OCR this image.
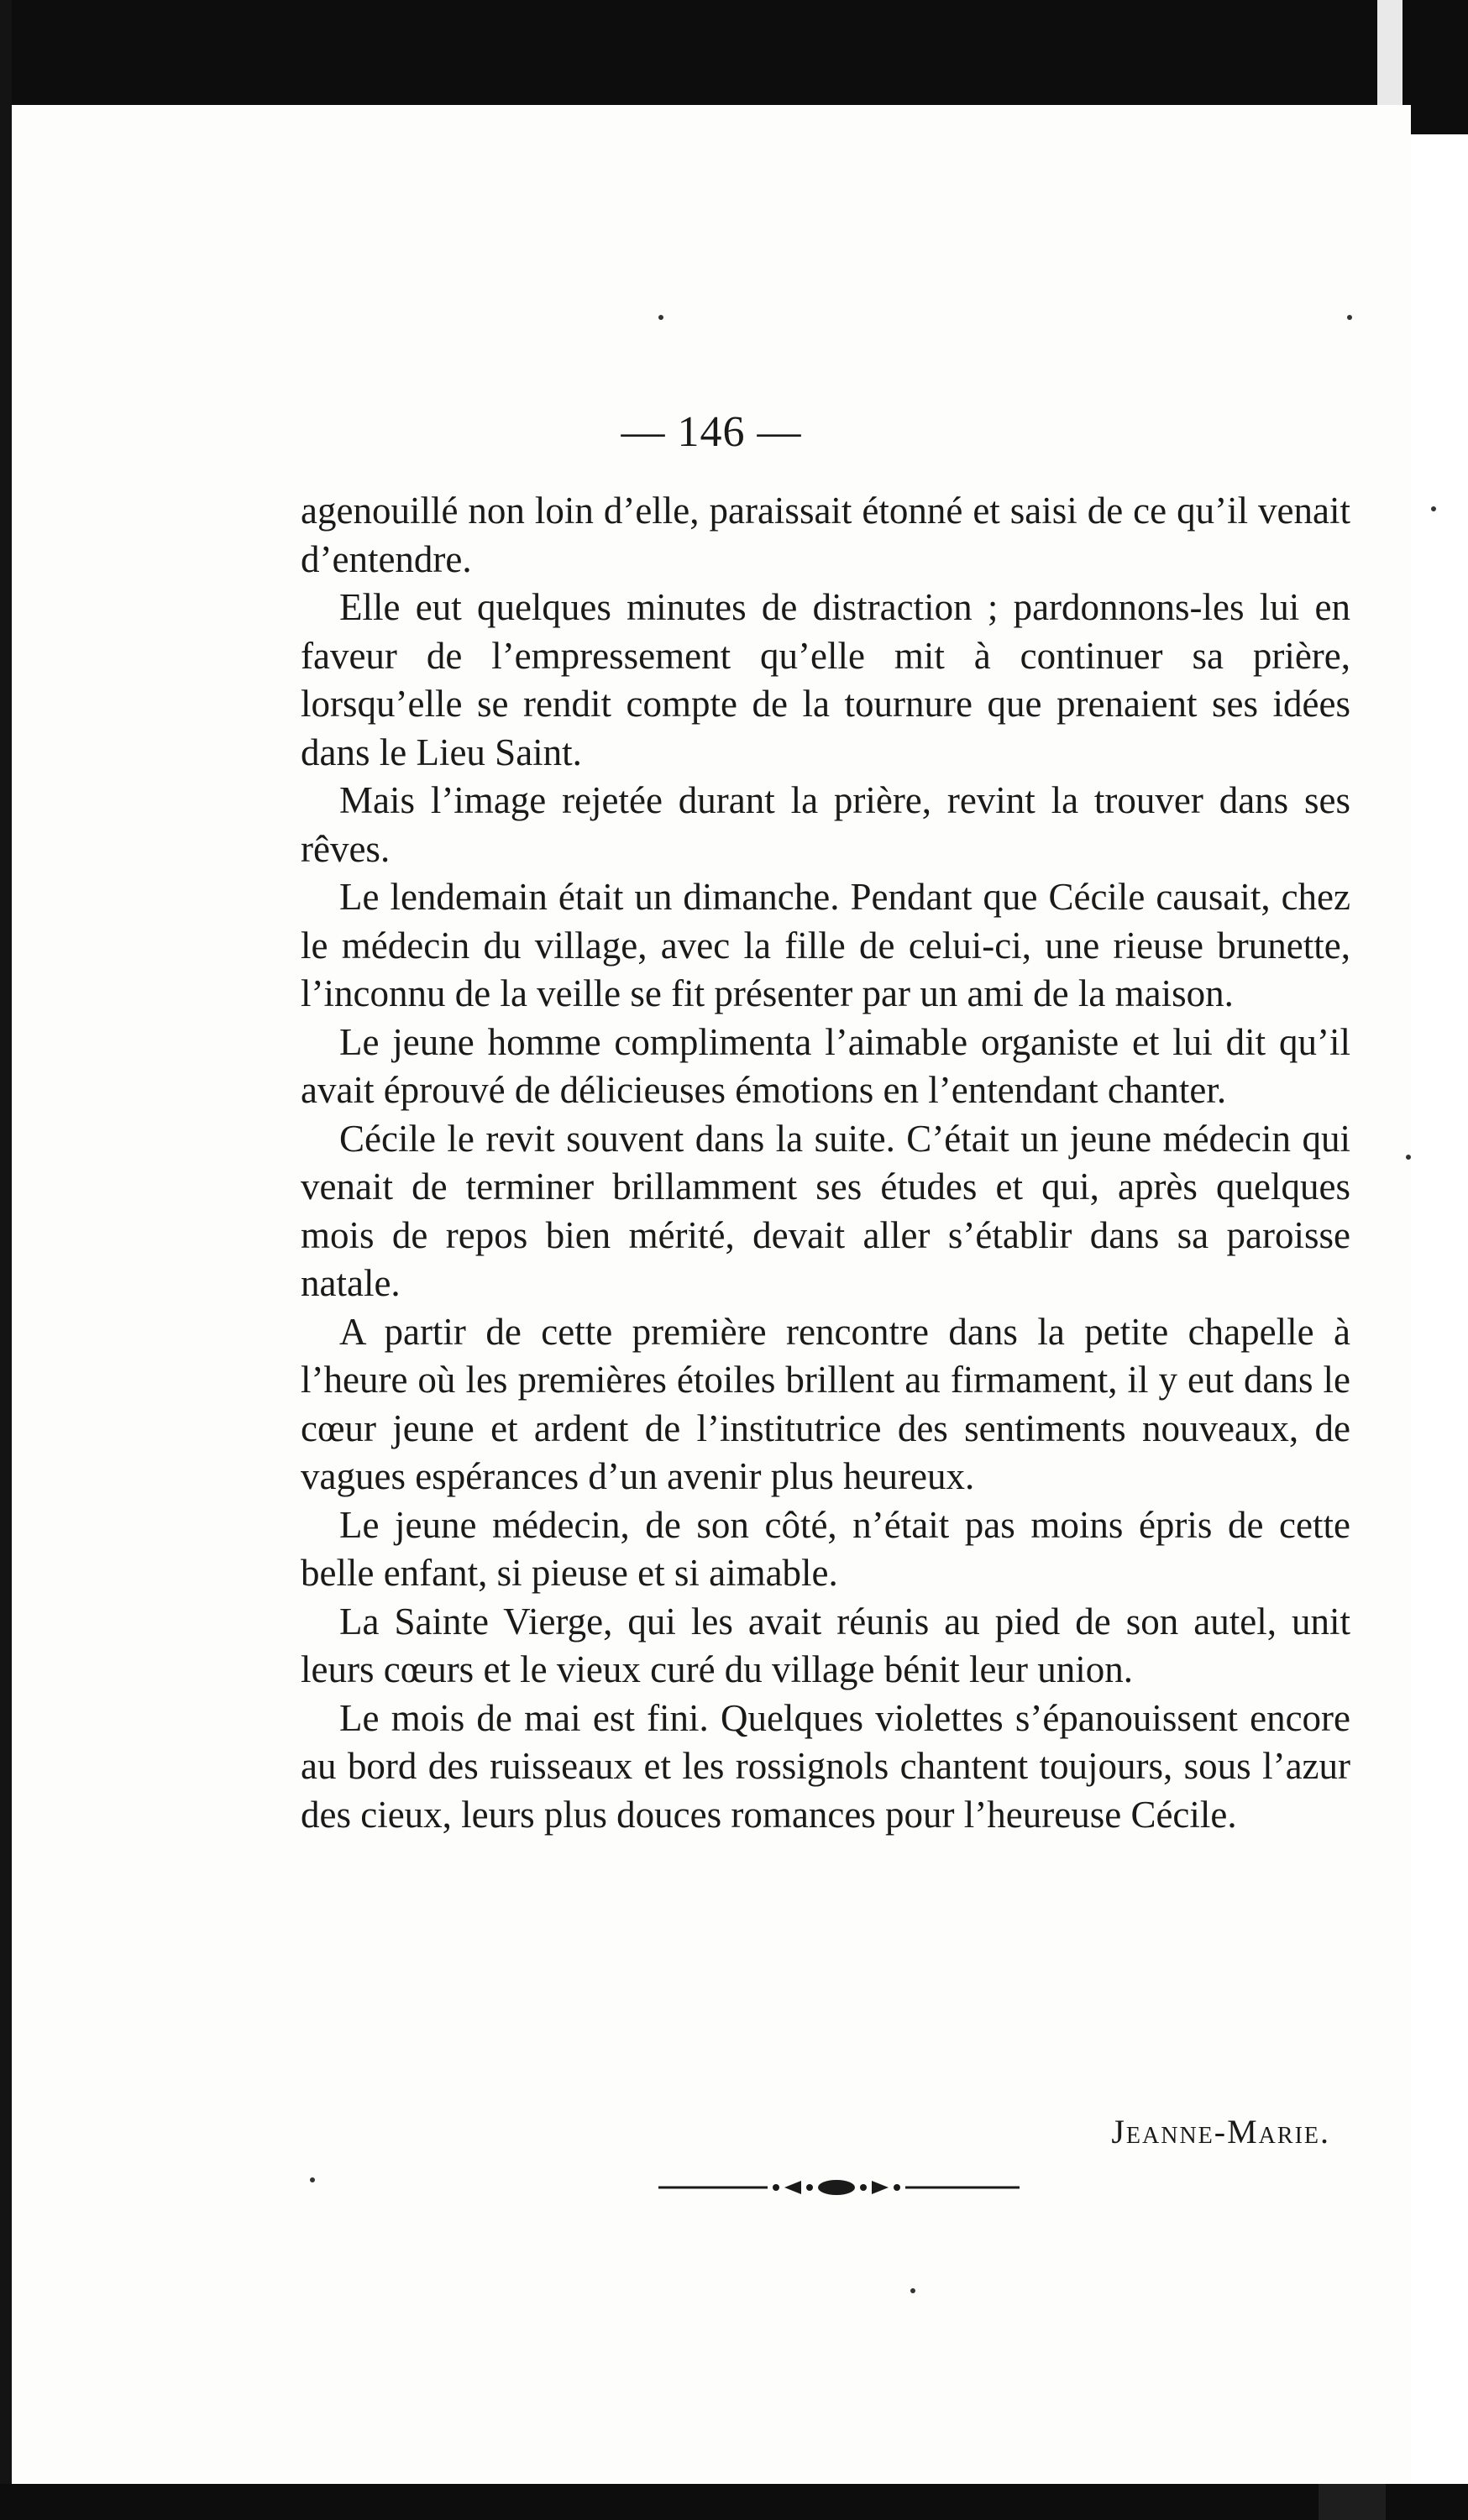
— 146 —

agenouillé non loin d’elle, paraissait étonné et saisi de ce qu’il venait d’entendre.

Elle eut quelques minutes de distraction ; pardonnons-les lui en faveur de l’empressement qu’elle mit à continuer sa prière, lorsqu’elle se rendit compte de la tournure que prenaient ses idées dans le Lieu Saint.

Mais l’image rejetée durant la prière, revint la trouver dans ses rêves.

Le lendemain était un dimanche. Pendant que Cécile causait, chez le médecin du village, avec la fille de celui-ci, une rieuse brunette, l’inconnu de la veille se fit présenter par un ami de la maison.

Le jeune homme complimenta l’aimable organiste et lui dit qu’il avait éprouvé de délicieuses émotions en l’entendant chanter.

Cécile le revit souvent dans la suite. C’était un jeune médecin qui venait de terminer brillamment ses études et qui, après quelques mois de repos bien mérité, devait aller s’établir dans sa paroisse natale.

A partir de cette première rencontre dans la petite chapelle à l’heure où les premières étoiles brillent au firmament, il y eut dans le cœur jeune et ardent de l’institutrice des sentiments nouveaux, de vagues espérances d’un avenir plus heureux.

Le jeune médecin, de son côté, n’était pas moins épris de cette belle enfant, si pieuse et si aimable.

La Sainte Vierge, qui les avait réunis au pied de son autel, unit leurs cœurs et le vieux curé du village bénit leur union.

Le mois de mai est fini. Quelques violettes s’épanouissent encore au bord des ruisseaux et les rossignols chantent toujours, sous l’azur des cieux, leurs plus douces romances pour l’heureuse Cécile.

Jeanne-Marie.
